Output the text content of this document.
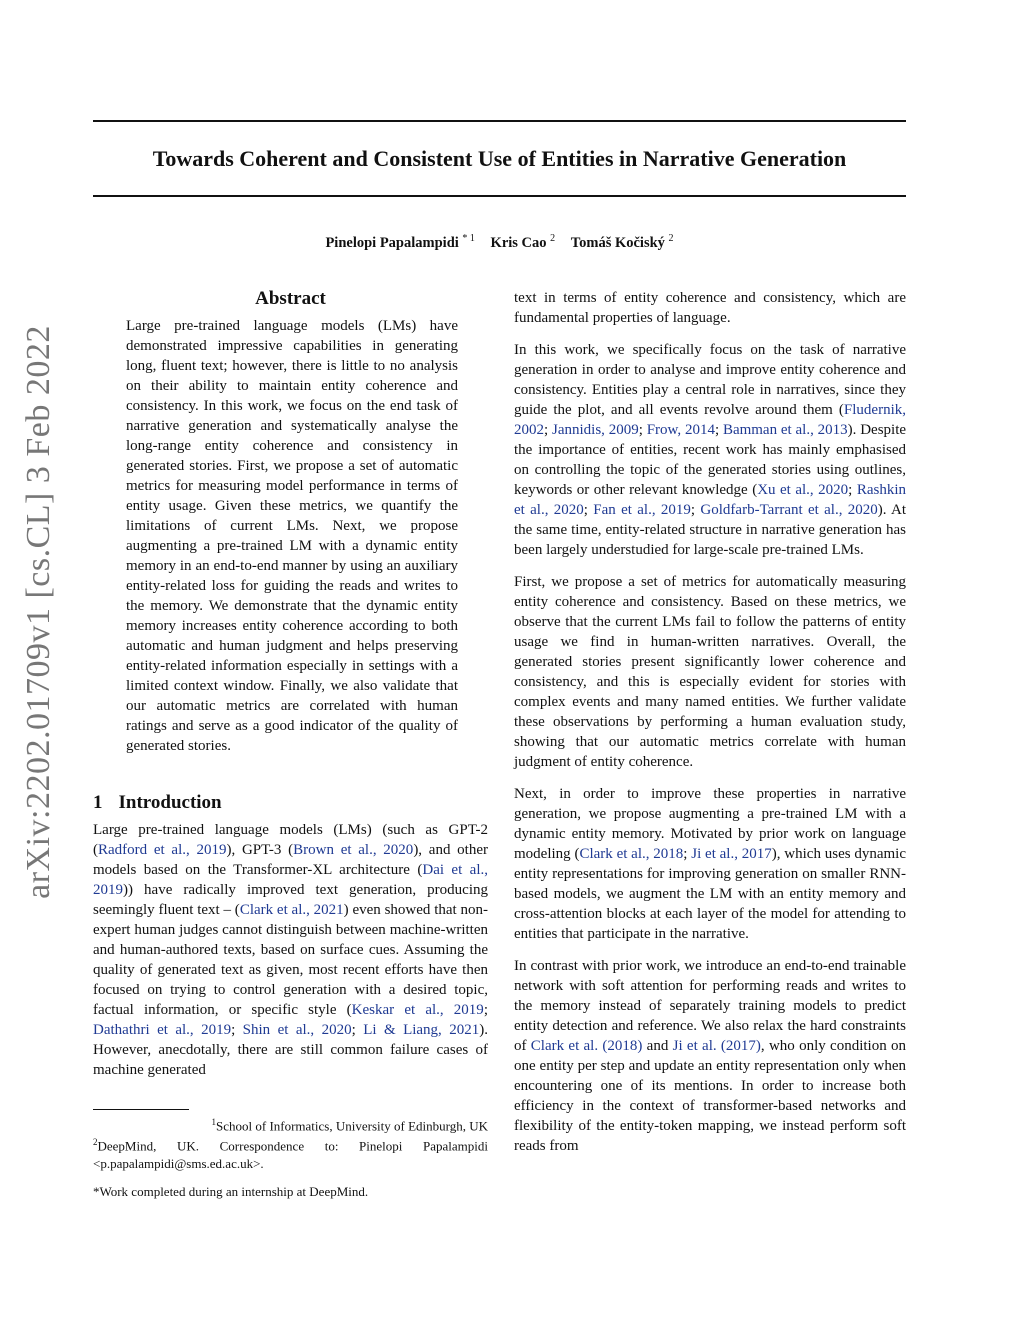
Towards Coherent and Consistent Use of Entities in Narrative Generation
Pinelopi Papalampidi $^{* 1}$ Kris Cao $^2$ Tomáš Kočiský $^2$
arXiv:2202.01709v1 [cs.CL] 3 Feb 2022
Abstract

Large pre-trained language models (LMs) have demonstrated impressive capabilities in generating long, fluent text; however, there is little to no analysis on their ability to maintain entity coherence and consistency. In this work, we focus on the end task of narrative generation and systematically analyse the long-range entity coherence and consistency in generated stories. First, we propose a set of automatic metrics for measuring model performance in terms of entity usage. Given these metrics, we quantify the limitations of current LMs. Next, we propose augmenting a pre-trained LM with a dynamic entity memory in an end-to-end manner by using an auxiliary entity-related loss for guiding the reads and writes to the memory. We demonstrate that the dynamic entity memory increases entity coherence according to both automatic and human judgment and helps preserving entity-related information especially in settings with a limited context window. Finally, we also validate that our automatic metrics are correlated with human ratings and serve as a good indicator of the quality of generated stories.

1 Introduction

Large pre-trained language models (LMs) (such as GPT-2 (Radford et al., 2019), GPT-3 (Brown et al., 2020), and other models based on the Transformer-XL architecture (Dai et al., 2019)) have radically improved text generation, producing seemingly fluent text – (Clark et al., 2021) even showed that non-expert human judges cannot distinguish between machine-written and human-authored texts, based on surface cues. Assuming the quality of generated text as given, most recent efforts have then focused on trying to control generation with a desired topic, factual information, or specific style (Keskar et al., 2019; Dathathri et al., 2019; Shin et al., 2020; Li & Liang, 2021). However, anecdotally, there are still common failure cases of machine generated

$^1$School of Informatics, University of Edinburgh, UK
$^2$DeepMind, UK. Correspondence to: Pinelopi Papalampidi <p.papalampidi@sms.ed.ac.uk>.
*Work completed during an internship at DeepMind.

text in terms of entity coherence and consistency, which are fundamental properties of language.

In this work, we specifically focus on the task of narrative generation in order to analyse and improve entity coherence and consistency. Entities play a central role in narratives, since they guide the plot, and all events revolve around them (Fludernik, 2002; Jannidis, 2009; Frow, 2014; Bamman et al., 2013). Despite the importance of entities, recent work has mainly emphasised on controlling the topic of the generated stories using outlines, keywords or other relevant knowledge (Xu et al., 2020; Rashkin et al., 2020; Fan et al., 2019; Goldfarb-Tarrant et al., 2020). At the same time, entity-related structure in narrative generation has been largely understudied for large-scale pre-trained LMs.

First, we propose a set of metrics for automatically measuring entity coherence and consistency. Based on these metrics, we observe that the current LMs fail to follow the patterns of entity usage we find in human-written narratives. Overall, the generated stories present significantly lower coherence and consistency, and this is especially evident for stories with complex events and many named entities. We further validate these observations by performing a human evaluation study, showing that our automatic metrics correlate with human judgment of entity coherence.

Next, in order to improve these properties in narrative generation, we propose augmenting a pre-trained LM with a dynamic entity memory. Motivated by prior work on language modeling (Clark et al., 2018; Ji et al., 2017), which uses dynamic entity representations for improving generation on smaller RNN-based models, we augment the LM with an entity memory and cross-attention blocks at each layer of the model for attending to entities that participate in the narrative.

In contrast with prior work, we introduce an end-to-end trainable network with soft attention for performing reads and writes to the memory instead of separately training models to predict entity detection and reference. We also relax the hard constraints of Clark et al. (2018) and Ji et al. (2017), who only condition on one entity per step and update an entity representation only when encountering one of its mentions. In order to increase both efficiency in the context of transformer-based networks and flexibility of the entity-token mapping, we instead perform soft reads from
